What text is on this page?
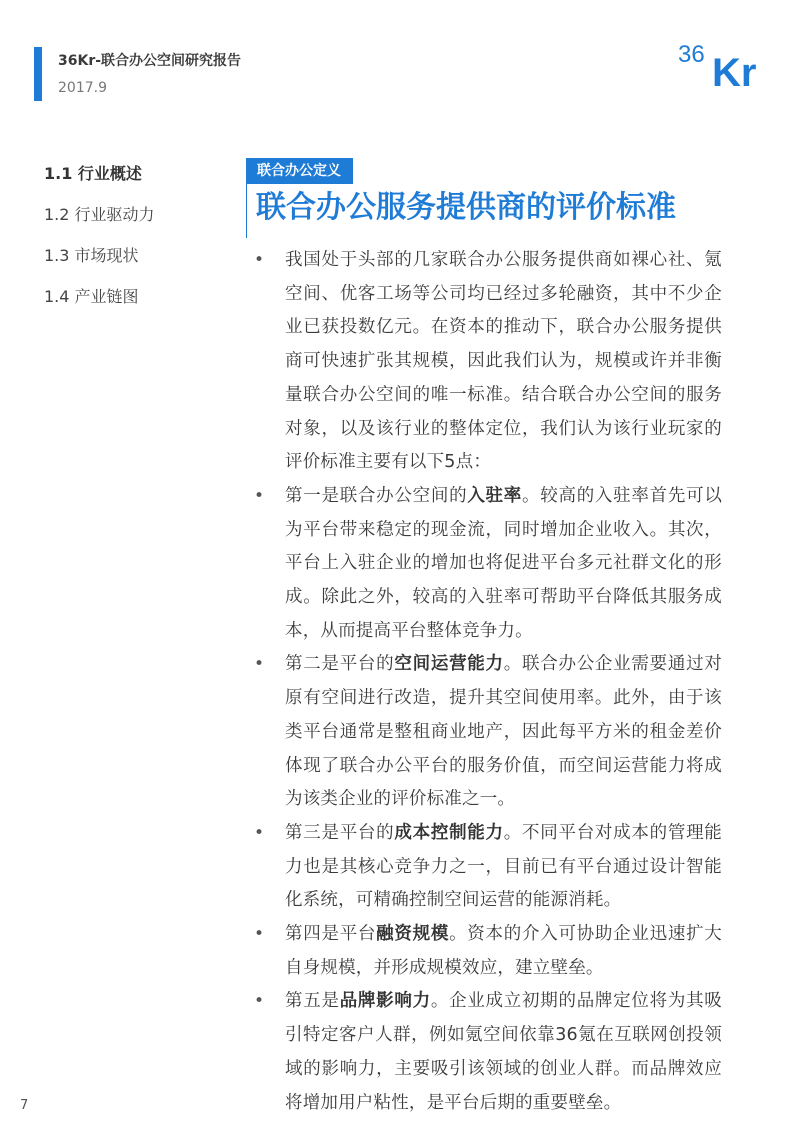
36Kr-联合办公空间研究报告
2017.9
36 Kr
1.1 行业概述
1.2 行业驱动力
1.3 市场现状
1.4 产业链图
联合办公定义
联合办公服务提供商的评价标准
• 我国处于头部的几家联合办公服务提供商如裸心社、氪空间、优客工场等公司均已经过多轮融资，其中不少企业已获投数亿元。在资本的推动下，联合办公服务提供商可快速扩张其规模，因此我们认为，规模或许并非衡量联合办公空间的唯一标准。结合联合办公空间的服务对象，以及该行业的整体定位，我们认为该行业玩家的评价标准主要有以下5点：
• 第一是联合办公空间的入驻率。较高的入驻率首先可以为平台带来稳定的现金流，同时增加企业收入。其次，平台上入驻企业的增加也将促进平台多元社群文化的形成。除此之外，较高的入驻率可帮助平台降低其服务成本，从而提高平台整体竞争力。
• 第二是平台的空间运营能力。联合办公企业需要通过对原有空间进行改造，提升其空间使用率。此外，由于该类平台通常是整租商业地产，因此每平方米的租金差价体现了联合办公平台的服务价值，而空间运营能力将成为该类企业的评价标准之一。
• 第三是平台的成本控制能力。不同平台对成本的管理能力也是其核心竞争力之一，目前已有平台通过设计智能化系统，可精确控制空间运营的能源消耗。
• 第四是平台融资规模。资本的介入可协助企业迅速扩大自身规模，并形成规模效应，建立壁垒。
• 第五是品牌影响力。企业成立初期的品牌定位将为其吸引特定客户人群，例如氪空间依靠36氪在互联网创投领域的影响力，主要吸引该领域的创业人群。而品牌效应将增加用户粘性，是平台后期的重要壁垒。
7
